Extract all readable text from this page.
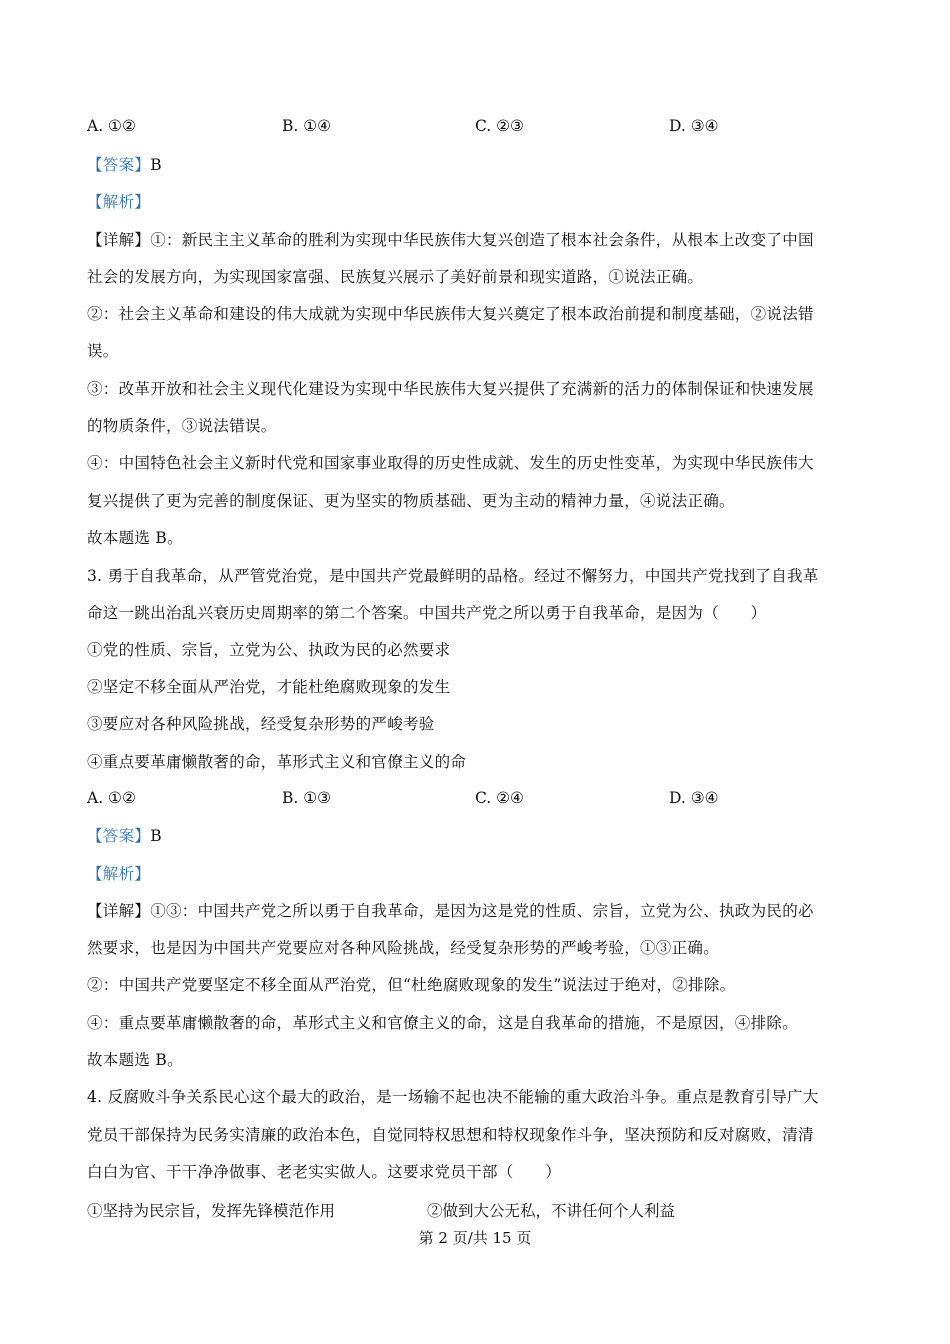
A. ①②	B. ①④	C. ②③	D. ③④
【答案】B
【解析】
【详解】①：新民主主义革命的胜利为实现中华民族伟大复兴创造了根本社会条件，从根本上改变了中国
社会的发展方向，为实现国家富强、民族复兴展示了美好前景和现实道路，①说法正确。
②：社会主义革命和建设的伟大成就为实现中华民族伟大复兴奠定了根本政治前提和制度基础，②说法错
误。
③：改革开放和社会主义现代化建设为实现中华民族伟大复兴提供了充满新的活力的体制保证和快速发展
的物质条件，③说法错误。
④：中国特色社会主义新时代党和国家事业取得的历史性成就、发生的历史性变革，为实现中华民族伟大
复兴提供了更为完善的制度保证、更为坚实的物质基础、更为主动的精神力量，④说法正确。
故本题选 B。
3. 勇于自我革命，从严管党治党，是中国共产党最鲜明的品格。经过不懈努力，中国共产党找到了自我革
命这一跳出治乱兴衰历史周期率的第二个答案。中国共产党之所以勇于自我革命，是因为（　　）
①党的性质、宗旨，立党为公、执政为民的必然要求
②坚定不移全面从严治党，才能杜绝腐败现象的发生
③要应对各种风险挑战，经受复杂形势的严峻考验
④重点要革庸懒散奢的命，革形式主义和官僚主义的命
A. ①②	B. ①③	C. ②④	D. ③④
【答案】B
【解析】
【详解】①③：中国共产党之所以勇于自我革命，是因为这是党的性质、宗旨，立党为公、执政为民的必
然要求，也是因为中国共产党要应对各种风险挑战，经受复杂形势的严峻考验，①③正确。
②：中国共产党要坚定不移全面从严治党，但“杜绝腐败现象的发生”说法过于绝对，②排除。
④：重点要革庸懒散奢的命，革形式主义和官僚主义的命，这是自我革命的措施，不是原因，④排除。
故本题选 B。
4. 反腐败斗争关系民心这个最大的政治，是一场输不起也决不能输的重大政治斗争。重点是教育引导广大
党员干部保持为民务实清廉的政治本色，自觉同特权思想和特权现象作斗争，坚决预防和反对腐败，清清
白白为官、干干净净做事、老老实实做人。这要求党员干部（　　）
①坚持为民宗旨，发挥先锋模范作用	②做到大公无私，不讲任何个人利益
第 2 页/共 15 页
